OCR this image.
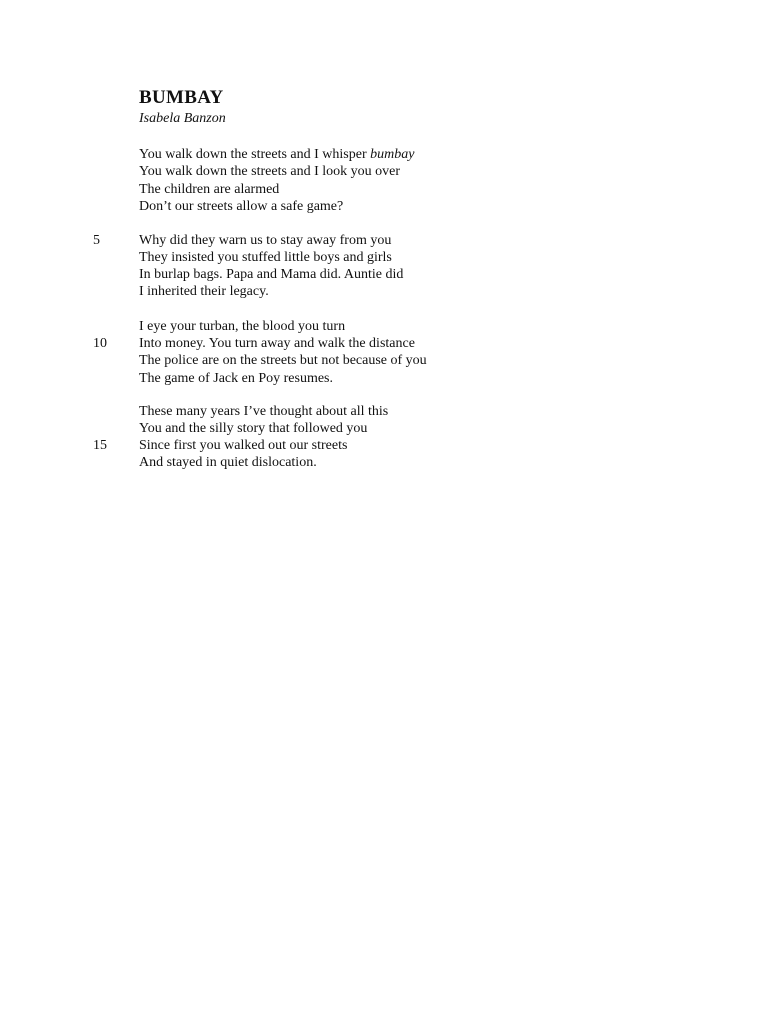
BUMBAY

Isabela Banzon

You walk down the streets and I whisper bumbay

You walk down the streets and I look you over

The children are alarmed

Don’t our streets allow a safe game?

5	Why did they warn us to stay away from you

They insisted you stuffed little boys and girls

In burlap bags. Papa and Mama did. Auntie did

I inherited their legacy.

I eye your turban, the blood you turn

10 Into money. You turn away and walk the distance

The police are on the streets but not because of you

The game of Jack en Poy resumes.

These many years I’ve thought about all this

You and the silly story that followed you

15 Since first you walked out our streets

And stayed in quiet dislocation.
